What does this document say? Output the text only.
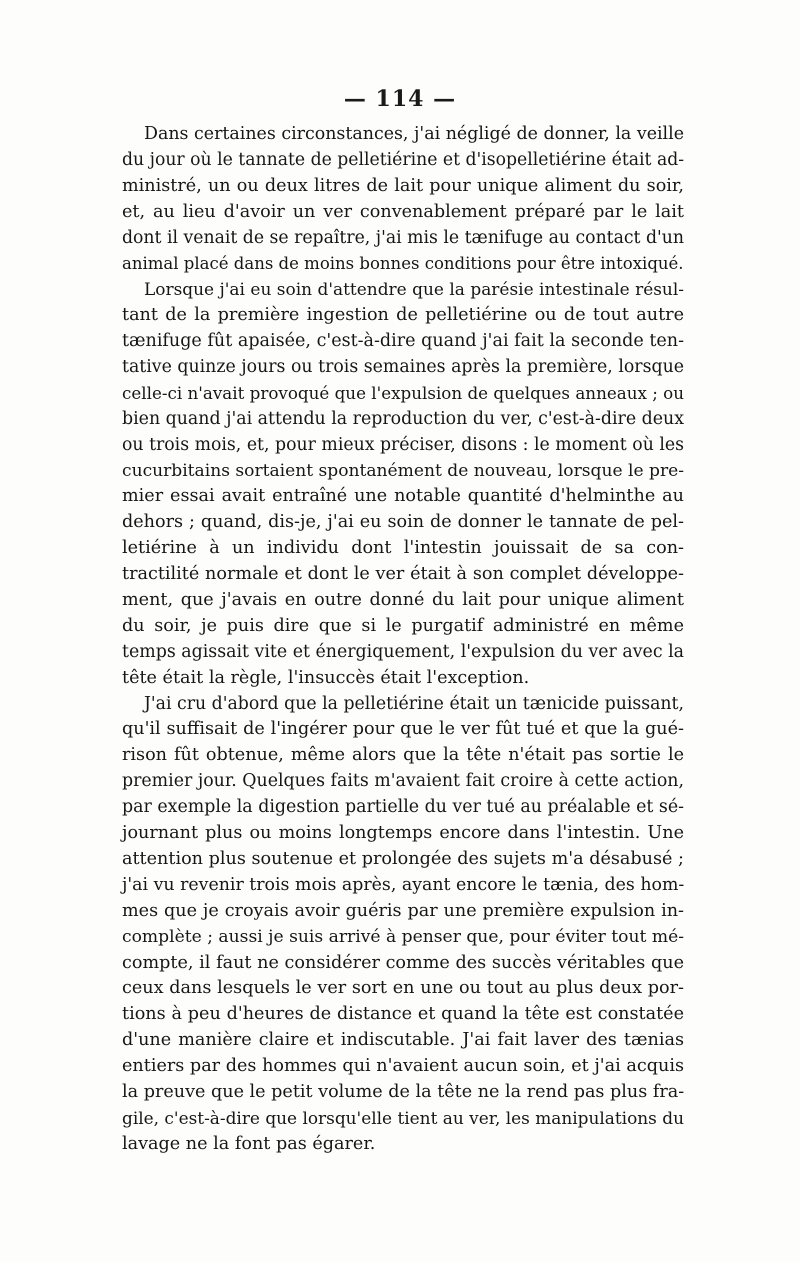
— 114 —
Dans certaines circonstances, j'ai négligé de donner, la veille
du jour où le tannate de pelletiérine et d'isopelletiérine était ad-
ministré, un ou deux litres de lait pour unique aliment du soir,
et, au lieu d'avoir un ver convenablement préparé par le lait
dont il venait de se repaître, j'ai mis le tænifuge au contact d'un
animal placé dans de moins bonnes conditions pour être intoxiqué.
Lorsque j'ai eu soin d'attendre que la parésie intestinale résul-
tant de la première ingestion de pelletiérine ou de tout autre
tænifuge fût apaisée, c'est-à-dire quand j'ai fait la seconde ten-
tative quinze jours ou trois semaines après la première, lorsque
celle-ci n'avait provoqué que l'expulsion de quelques anneaux ; ou
bien quand j'ai attendu la reproduction du ver, c'est-à-dire deux
ou trois mois, et, pour mieux préciser, disons : le moment où les
cucurbitains sortaient spontanément de nouveau, lorsque le pre-
mier essai avait entraîné une notable quantité d'helminthe au
dehors ; quand, dis-je, j'ai eu soin de donner le tannate de pel-
letiérine à un individu dont l'intestin jouissait de sa con-
tractilité normale et dont le ver était à son complet développe-
ment, que j'avais en outre donné du lait pour unique aliment
du soir, je puis dire que si le purgatif administré en même
temps agissait vite et énergiquement, l'expulsion du ver avec la
tête était la règle, l'insuccès était l'exception.
J'ai cru d'abord que la pelletiérine était un tænicide puissant,
qu'il suffisait de l'ingérer pour que le ver fût tué et que la gué-
rison fût obtenue, même alors que la tête n'était pas sortie le
premier jour. Quelques faits m'avaient fait croire à cette action,
par exemple la digestion partielle du ver tué au préalable et sé-
journant plus ou moins longtemps encore dans l'intestin. Une
attention plus soutenue et prolongée des sujets m'a désabusé ;
j'ai vu revenir trois mois après, ayant encore le tænia, des hom-
mes que je croyais avoir guéris par une première expulsion in-
complète ; aussi je suis arrivé à penser que, pour éviter tout mé-
compte, il faut ne considérer comme des succès véritables que
ceux dans lesquels le ver sort en une ou tout au plus deux por-
tions à peu d'heures de distance et quand la tête est constatée
d'une manière claire et indiscutable. J'ai fait laver des tænias
entiers par des hommes qui n'avaient aucun soin, et j'ai acquis
la preuve que le petit volume de la tête ne la rend pas plus fra-
gile, c'est-à-dire que lorsqu'elle tient au ver, les manipulations du
lavage ne la font pas égarer.
